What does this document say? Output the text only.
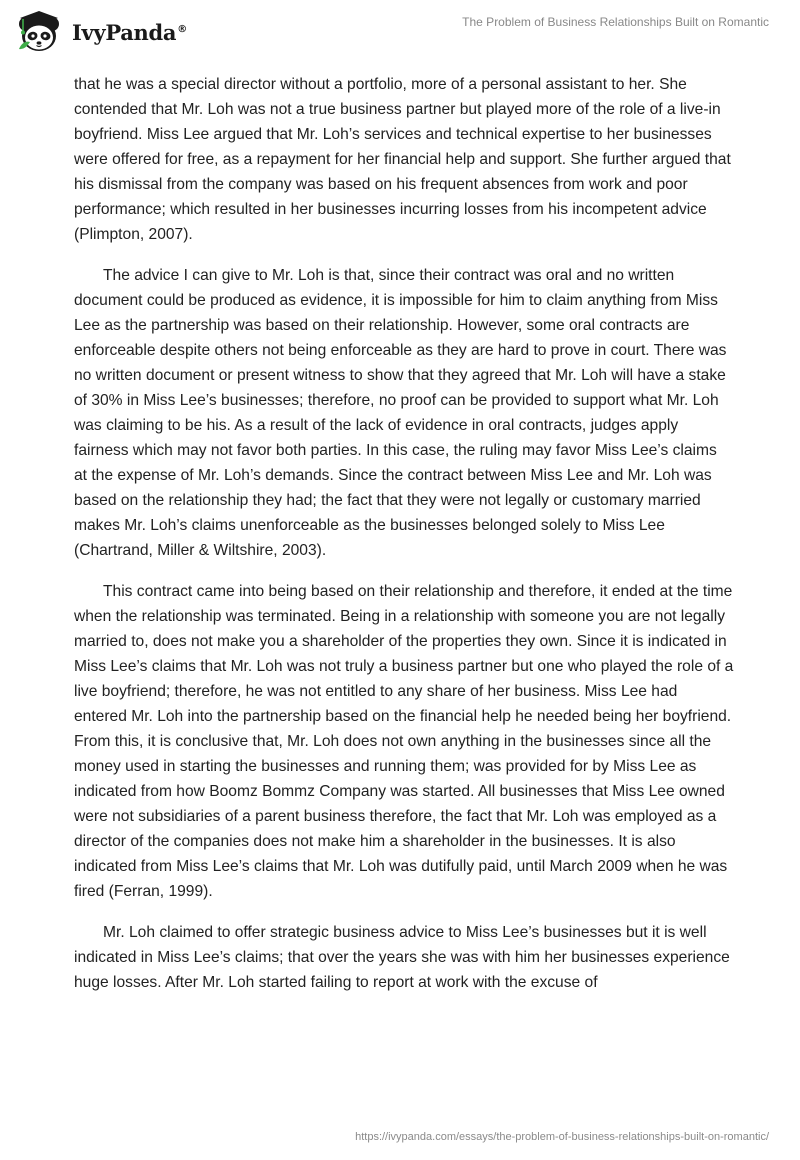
IvyPanda®	The Problem of Business Relationships Built on Romantic

that he was a special director without a portfolio, more of a personal assistant to her. She contended that Mr. Loh was not a true business partner but played more of the role of a live-in boyfriend. Miss Lee argued that Mr. Loh’s services and technical expertise to her businesses were offered for free, as a repayment for her financial help and support. She further argued that his dismissal from the company was based on his frequent absences from work and poor performance; which resulted in her businesses incurring losses from his incompetent advice (Plimpton, 2007).

The advice I can give to Mr. Loh is that, since their contract was oral and no written document could be produced as evidence, it is impossible for him to claim anything from Miss Lee as the partnership was based on their relationship. However, some oral contracts are enforceable despite others not being enforceable as they are hard to prove in court. There was no written document or present witness to show that they agreed that Mr. Loh will have a stake of 30% in Miss Lee’s businesses; therefore, no proof can be provided to support what Mr. Loh was claiming to be his. As a result of the lack of evidence in oral contracts, judges apply fairness which may not favor both parties. In this case, the ruling may favor Miss Lee’s claims at the expense of Mr. Loh’s demands. Since the contract between Miss Lee and Mr. Loh was based on the relationship they had; the fact that they were not legally or customary married makes Mr. Loh’s claims unenforceable as the businesses belonged solely to Miss Lee (Chartrand, Miller & Wiltshire, 2003).

This contract came into being based on their relationship and therefore, it ended at the time when the relationship was terminated. Being in a relationship with someone you are not legally married to, does not make you a shareholder of the properties they own. Since it is indicated in Miss Lee’s claims that Mr. Loh was not truly a business partner but one who played the role of a live boyfriend; therefore, he was not entitled to any share of her business. Miss Lee had entered Mr. Loh into the partnership based on the financial help he needed being her boyfriend. From this, it is conclusive that, Mr. Loh does not own anything in the businesses since all the money used in starting the businesses and running them; was provided for by Miss Lee as indicated from how Boomz Bommz Company was started. All businesses that Miss Lee owned were not subsidiaries of a parent business therefore, the fact that Mr. Loh was employed as a director of the companies does not make him a shareholder in the businesses. It is also indicated from Miss Lee’s claims that Mr. Loh was dutifully paid, until March 2009 when he was fired (Ferran, 1999).

Mr. Loh claimed to offer strategic business advice to Miss Lee’s businesses but it is well indicated in Miss Lee’s claims; that over the years she was with him her businesses experience huge losses. After Mr. Loh started failing to report at work with the excuse of

https://ivypanda.com/essays/the-problem-of-business-relationships-built-on-romantic/
